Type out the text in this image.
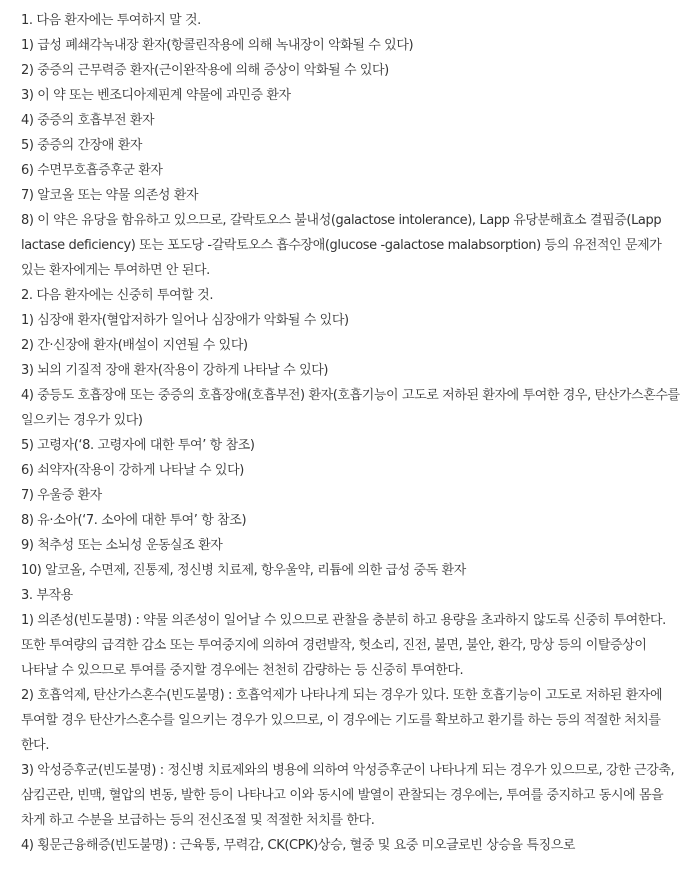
1. 다음 환자에는 투여하지 말 것.

1) 급성 폐쇄각녹내장 환자(항콜린작용에 의해 녹내장이 악화될 수 있다)

2) 중증의 근무력증 환자(근이완작용에 의해 증상이 악화될 수 있다)

3) 이 약 또는 벤조디아제핀계 약물에 과민증 환자

4) 중증의 호흡부전 환자

5) 중증의 간장애 환자

6) 수면무호흡증후군 환자

7) 알코올 또는 약물 의존성 환자

8) 이 약은 유당을 함유하고 있으므로, 갈락토오스 불내성(galactose intolerance), Lapp 유당분해효소 결핍증(Lapp lactase deficiency) 또는 포도당 -갈락토오스 흡수장애(glucose -galactose malabsorption) 등의 유전적인 문제가 있는 환자에게는 투여하면 안 된다.

2. 다음 환자에는 신중히 투여할 것.

1) 심장애 환자(혈압저하가 일어나 심장애가 악화될 수 있다)

2) 간·신장애 환자(배설이 지연될 수 있다)

3) 뇌의 기질적 장애 환자(작용이 강하게 나타날 수 있다)

4) 중등도 호흡장애 또는 중증의 호흡장애(호흡부전) 환자(호흡기능이 고도로 저하된 환자에 투여한 경우, 탄산가스혼수를 일으키는 경우가 있다)

5) 고령자(‘8. 고령자에 대한 투여’ 항 참조)

6) 쇠약자(작용이 강하게 나타날 수 있다)

7) 우울증 환자

8) 유·소아(‘7. 소아에 대한 투여’ 항 참조)

9) 척추성 또는 소뇌성 운동실조 환자

10) 알코올, 수면제, 진통제, 정신병 치료제, 항우울약, 리튬에 의한 급성 중독 환자

3. 부작용

1) 의존성(빈도불명) : 약물 의존성이 일어날 수 있으므로 관찰을 충분히 하고 용량을 초과하지 않도록 신중히 투여한다. 또한 투여량의 급격한 감소 또는 투여중지에 의하여 경련발작, 헛소리, 진전, 불면, 불안, 환각, 망상 등의 이탈증상이 나타날 수 있으므로 투여를 중지할 경우에는 천천히 감량하는 등 신중히 투여한다.

2) 호흡억제, 탄산가스혼수(빈도불명) : 호흡억제가 나타나게 되는 경우가 있다. 또한 호흡기능이 고도로 저하된 환자에 투여할 경우 탄산가스혼수를 일으키는 경우가 있으므로, 이 경우에는 기도를 확보하고 환기를 하는 등의 적절한 처치를 한다.

3) 악성증후군(빈도불명) : 정신병 치료제와의 병용에 의하여 악성증후군이 나타나게 되는 경우가 있으므로, 강한 근강축, 삼킴곤란, 빈맥, 혈압의 변동, 발한 등이 나타나고 이와 동시에 발열이 관찰되는 경우에는, 투여를 중지하고 동시에 몸을 차게 하고 수분을 보급하는 등의 전신조절 및 적절한 처치를 한다.

4) 횡문근융해증(빈도불명) : 근육통, 무력감, CK(CPK)상승, 혈중 및 요중 미오글로빈 상승을 특징으로
